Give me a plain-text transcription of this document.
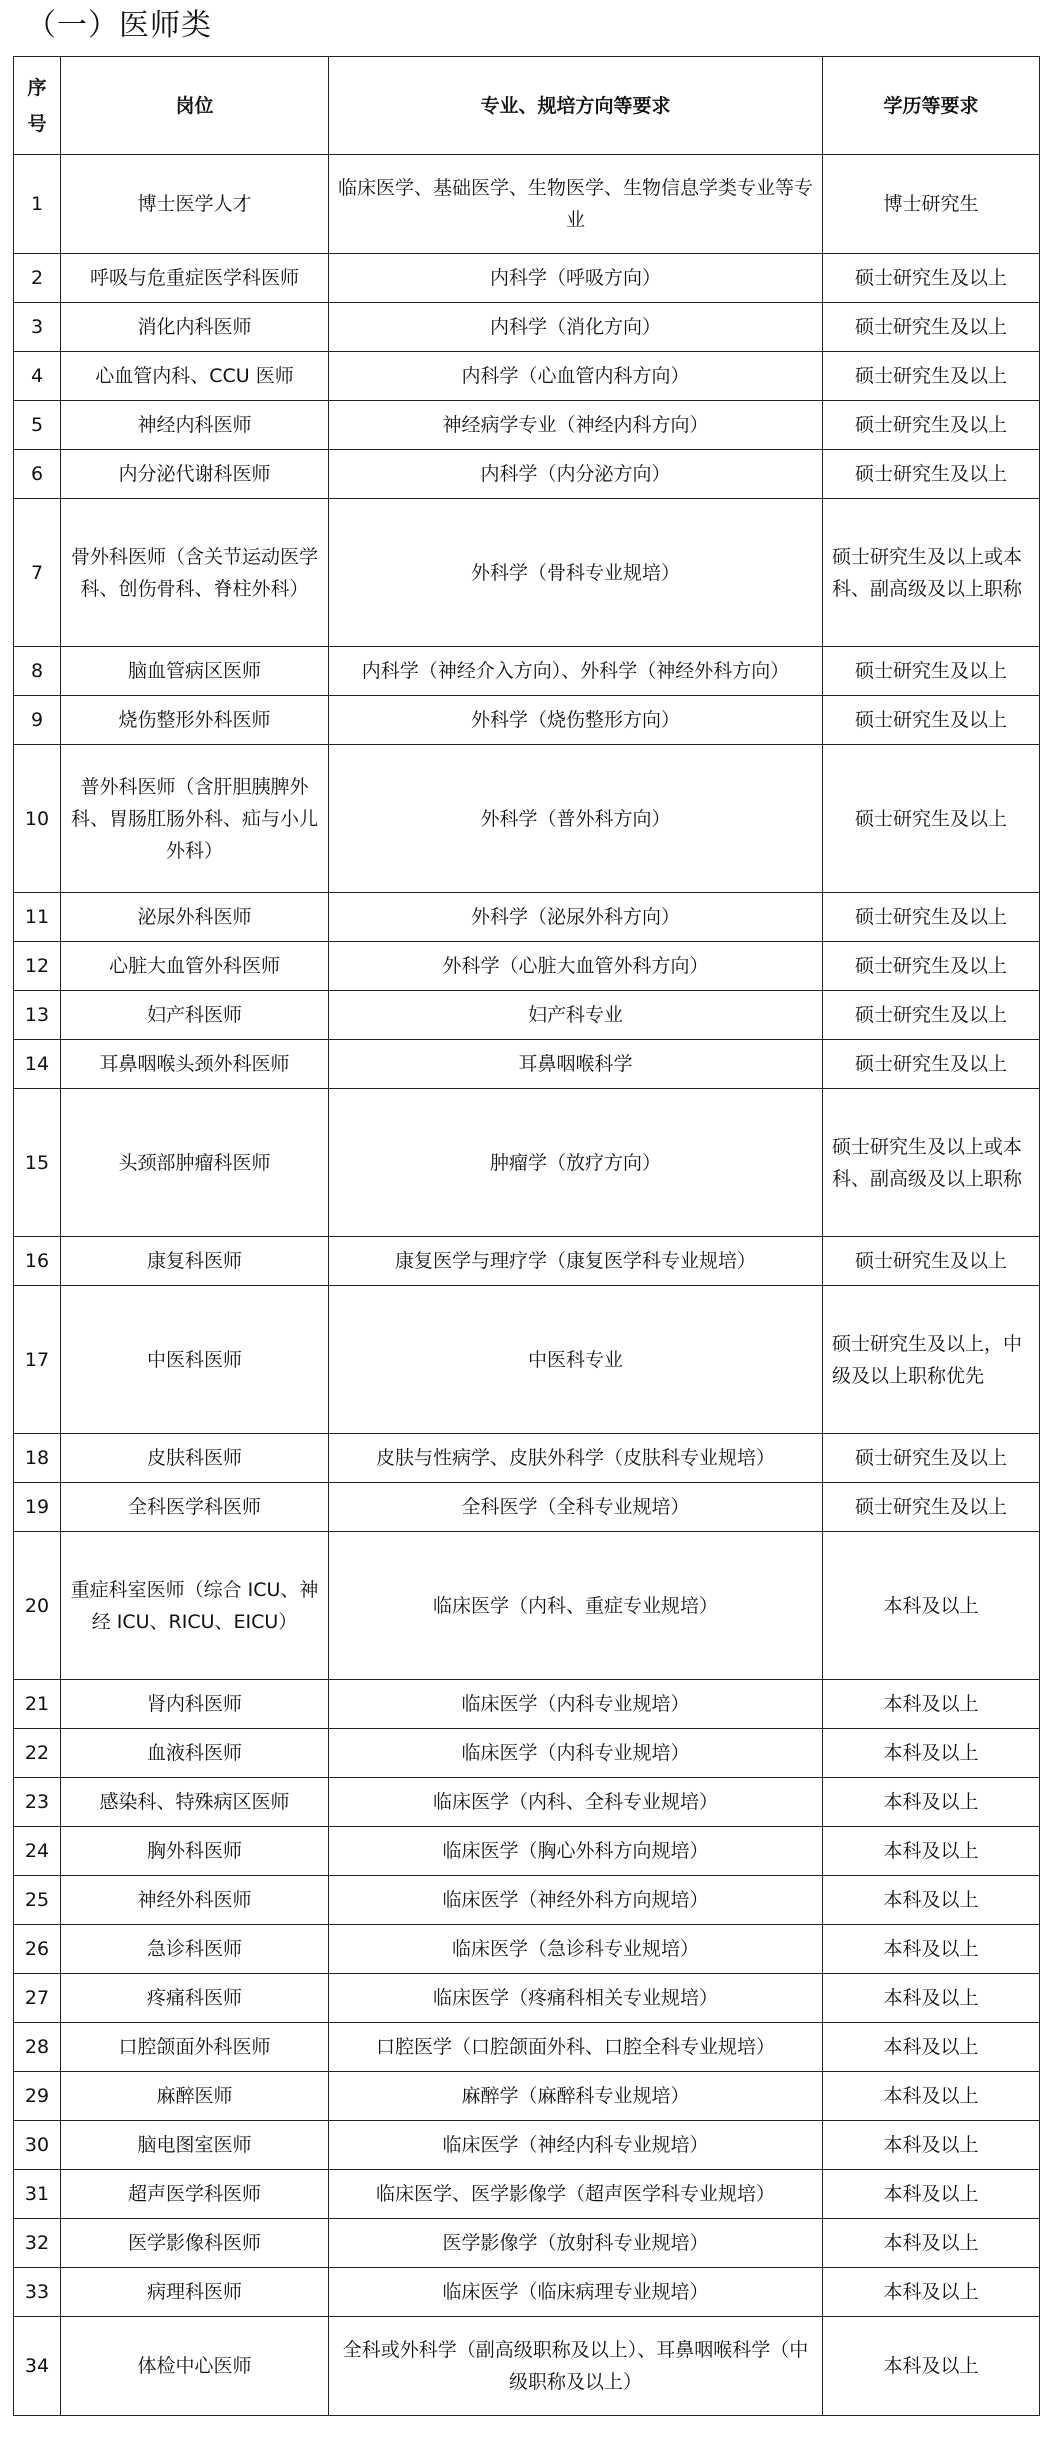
（一）医师类
序号	岗位	专业、规培方向等要求	学历等要求
1	博士医学人才	临床医学、基础医学、生物医学、生物信息学类专业等专业	博士研究生
2	呼吸与危重症医学科医师	内科学（呼吸方向）	硕士研究生及以上
3	消化内科医师	内科学（消化方向）	硕士研究生及以上
4	心血管内科、CCU 医师	内科学（心血管内科方向）	硕士研究生及以上
5	神经内科医师	神经病学专业（神经内科方向）	硕士研究生及以上
6	内分泌代谢科医师	内科学（内分泌方向）	硕士研究生及以上
7	骨外科医师（含关节运动医学科、创伤骨科、脊柱外科）	外科学（骨科专业规培）	硕士研究生及以上或本科、副高级及以上职称
8	脑血管病区医师	内科学（神经介入方向）、外科学（神经外科方向）	硕士研究生及以上
9	烧伤整形外科医师	外科学（烧伤整形方向）	硕士研究生及以上
10	普外科医师（含肝胆胰脾外科、胃肠肛肠外科、疝与小儿外科）	外科学（普外科方向）	硕士研究生及以上
11	泌尿外科医师	外科学（泌尿外科方向）	硕士研究生及以上
12	心脏大血管外科医师	外科学（心脏大血管外科方向）	硕士研究生及以上
13	妇产科医师	妇产科专业	硕士研究生及以上
14	耳鼻咽喉头颈外科医师	耳鼻咽喉科学	硕士研究生及以上
15	头颈部肿瘤科医师	肿瘤学（放疗方向）	硕士研究生及以上或本科、副高级及以上职称
16	康复科医师	康复医学与理疗学（康复医学科专业规培）	硕士研究生及以上
17	中医科医师	中医科专业	硕士研究生及以上，中级及以上职称优先
18	皮肤科医师	皮肤与性病学、皮肤外科学（皮肤科专业规培）	硕士研究生及以上
19	全科医学科医师	全科医学（全科专业规培）	硕士研究生及以上
20	重症科室医师（综合 ICU、神经 ICU、RICU、EICU）	临床医学（内科、重症专业规培）	本科及以上
21	肾内科医师	临床医学（内科专业规培）	本科及以上
22	血液科医师	临床医学（内科专业规培）	本科及以上
23	感染科、特殊病区医师	临床医学（内科、全科专业规培）	本科及以上
24	胸外科医师	临床医学（胸心外科方向规培）	本科及以上
25	神经外科医师	临床医学（神经外科方向规培）	本科及以上
26	急诊科医师	临床医学（急诊科专业规培）	本科及以上
27	疼痛科医师	临床医学（疼痛科相关专业规培）	本科及以上
28	口腔颌面外科医师	口腔医学（口腔颌面外科、口腔全科专业规培）	本科及以上
29	麻醉医师	麻醉学（麻醉科专业规培）	本科及以上
30	脑电图室医师	临床医学（神经内科专业规培）	本科及以上
31	超声医学科医师	临床医学、医学影像学（超声医学科专业规培）	本科及以上
32	医学影像科医师	医学影像学（放射科专业规培）	本科及以上
33	病理科医师	临床医学（临床病理专业规培）	本科及以上
34	体检中心医师	全科或外科学（副高级职称及以上）、耳鼻咽喉科学（中级职称及以上）	本科及以上
